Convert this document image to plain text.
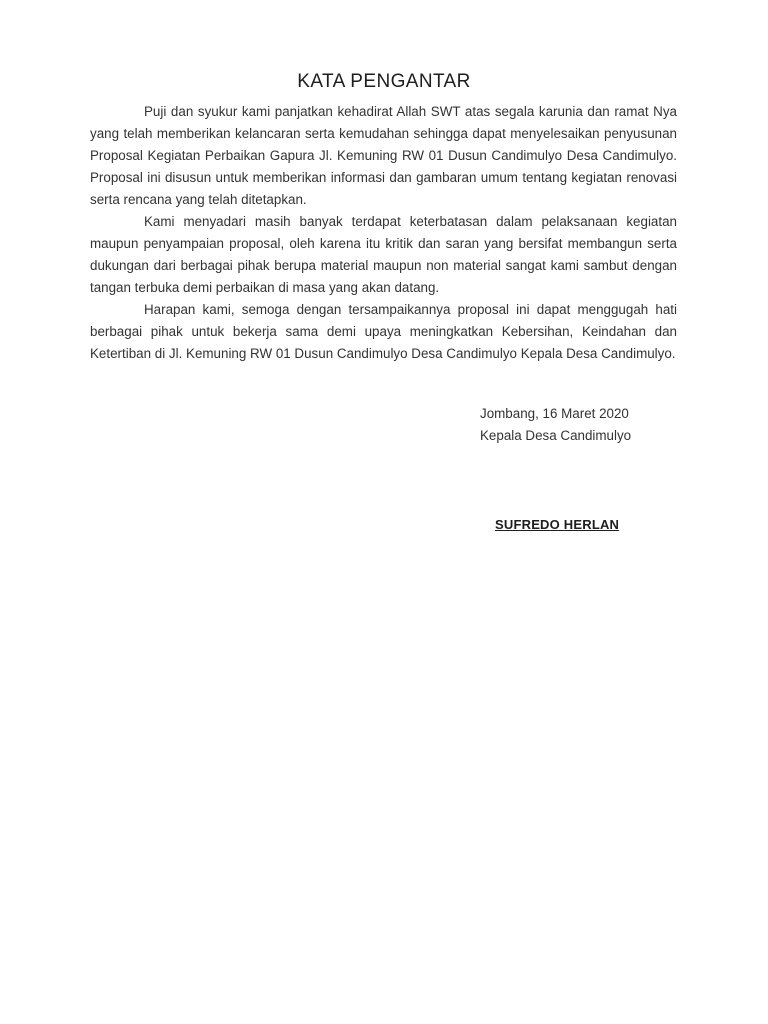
KATA PENGANTAR

Puji dan syukur kami panjatkan kehadirat Allah SWT atas segala karunia dan ramat Nya yang telah memberikan kelancaran serta kemudahan sehingga dapat menyelesaikan penyusunan Proposal Kegiatan Perbaikan Gapura Jl. Kemuning RW 01 Dusun Candimulyo Desa Candimulyo. Proposal ini disusun untuk memberikan informasi dan gambaran umum tentang kegiatan renovasi serta rencana yang telah ditetapkan.

Kami menyadari masih banyak terdapat keterbatasan dalam pelaksanaan kegiatan maupun penyampaian proposal, oleh karena itu kritik dan saran yang bersifat membangun serta dukungan dari berbagai pihak berupa material maupun non material sangat kami sambut dengan tangan terbuka demi perbaikan di masa yang akan datang.

Harapan kami, semoga dengan tersampaikannya proposal ini dapat menggugah hati berbagai pihak untuk bekerja sama demi upaya meningkatkan Kebersihan, Keindahan dan Ketertiban di Jl. Kemuning RW 01 Dusun Candimulyo Desa Candimulyo Kepala Desa Candimulyo.

Jombang, 16 Maret 2020
Kepala Desa Candimulyo
SUFREDO HERLAN
